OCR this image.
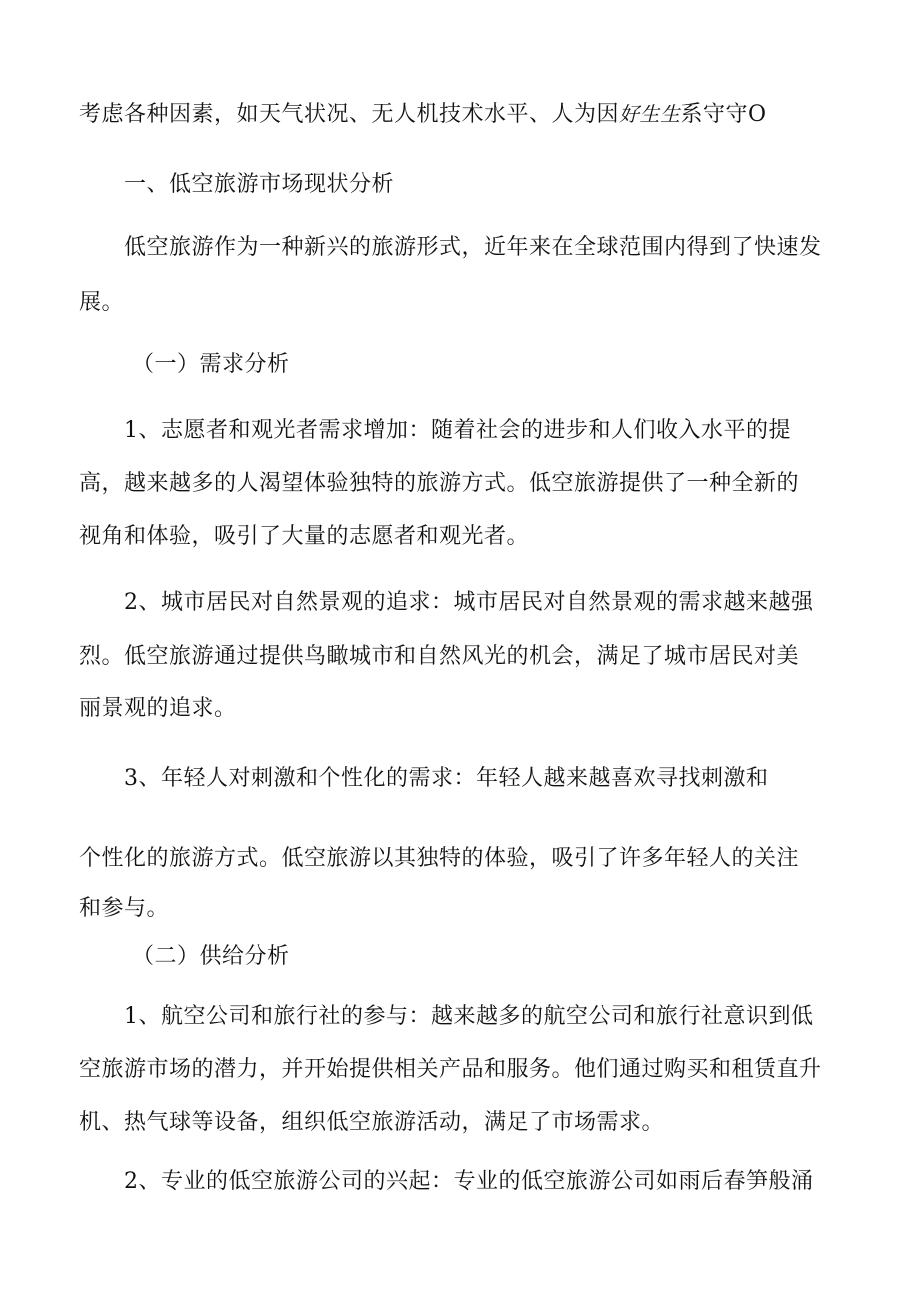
考虑各种因素，如天气状况、无人机技术水平、人为因好生生系守守O
一、低空旅游市场现状分析
低空旅游作为一种新兴的旅游形式，近年来在全球范围内得到了快速发
展。
（一）需求分析
1、志愿者和观光者需求增加：随着社会的进步和人们收入水平的提
高，越来越多的人渴望体验独特的旅游方式。低空旅游提供了一种全新的
视角和体验，吸引了大量的志愿者和观光者。
2、城市居民对自然景观的追求：城市居民对自然景观的需求越来越强
烈。低空旅游通过提供鸟瞰城市和自然风光的机会，满足了城市居民对美
丽景观的追求。
3、年轻人对刺激和个性化的需求：年轻人越来越喜欢寻找刺激和
个性化的旅游方式。低空旅游以其独特的体验，吸引了许多年轻人的关注
和参与。
（二）供给分析
1、航空公司和旅行社的参与：越来越多的航空公司和旅行社意识到低
空旅游市场的潜力，并开始提供相关产品和服务。他们通过购买和租赁直升
机、热气球等设备，组织低空旅游活动，满足了市场需求。
2、专业的低空旅游公司的兴起：专业的低空旅游公司如雨后春笋般涌
